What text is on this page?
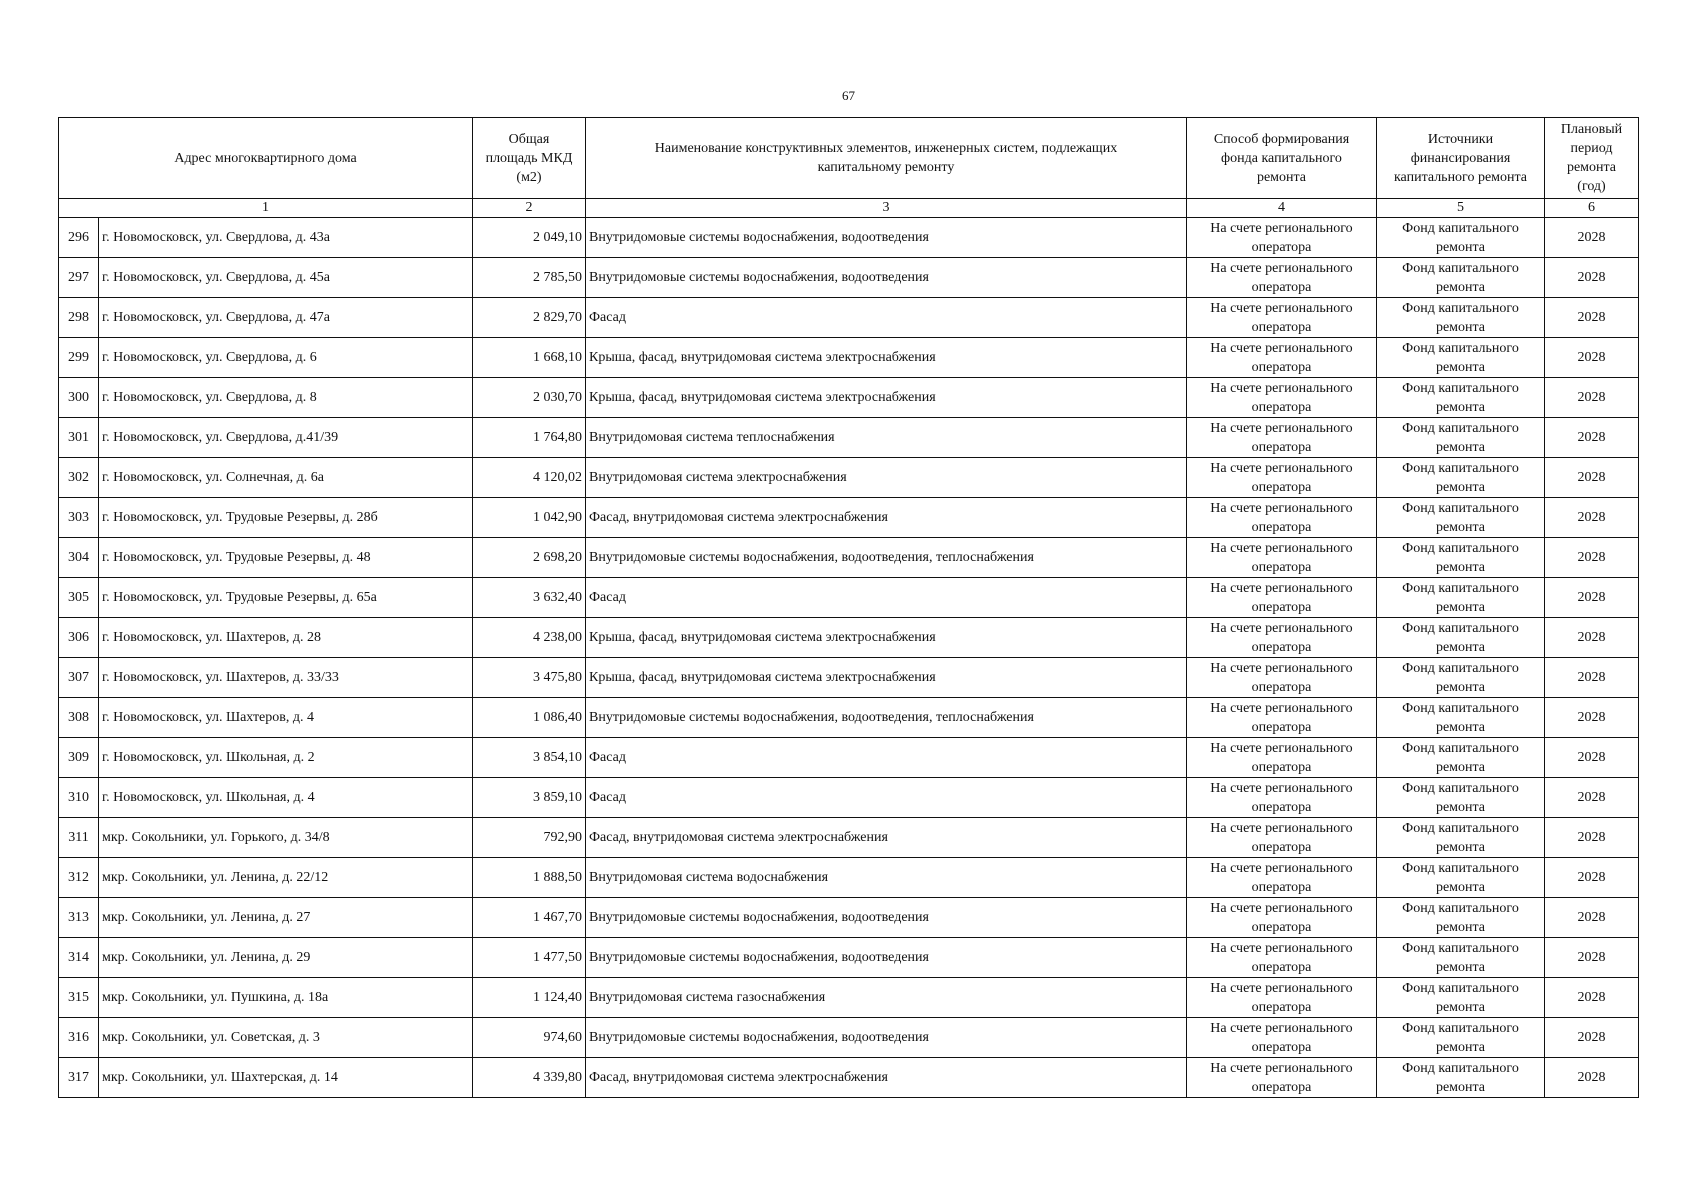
67
Адрес многоквартирного дома		Общая
площадь МКД
(м2)	Наименование конструктивных элементов, инженерных систем, подлежащих
капитальному ремонту	Способ формирования
фонда капитального
ремонта	Источники
финансирования
капитального ремонта	Плановый
период
ремонта
(год)

1		2	3	4	5	6
296	г. Новомосковск, ул. Свердлова, д. 43а	2 049,10	Внутридомовые системы водоснабжения, водоотведения	На счете регионального
оператора	Фонд капитального
ремонта	2028
297	г. Новомосковск, ул. Свердлова, д. 45а	2 785,50	Внутридомовые системы водоснабжения, водоотведения	На счете регионального
оператора	Фонд капитального
ремонта	2028
298	г. Новомосковск, ул. Свердлова, д. 47а	2 829,70	Фасад	На счете регионального
оператора	Фонд капитального
ремонта	2028
299	г. Новомосковск, ул. Свердлова, д. 6	1 668,10	Крыша, фасад, внутридомовая система электроснабжения	На счете регионального
оператора	Фонд капитального
ремонта	2028
300	г. Новомосковск, ул. Свердлова, д. 8	2 030,70	Крыша, фасад, внутридомовая система электроснабжения	На счете регионального
оператора	Фонд капитального
ремонта	2028
301	г. Новомосковск, ул. Свердлова, д.41/39	1 764,80	Внутридомовая система теплоснабжения	На счете регионального
оператора	Фонд капитального
ремонта	2028
302	г. Новомосковск, ул. Солнечная, д. 6а	4 120,02	Внутридомовая система электроснабжения	На счете регионального
оператора	Фонд капитального
ремонта	2028
303	г. Новомосковск, ул. Трудовые Резервы, д. 28б	1 042,90	Фасад, внутридомовая система электроснабжения	На счете регионального
оператора	Фонд капитального
ремонта	2028
304	г. Новомосковск, ул. Трудовые Резервы, д. 48	2 698,20	Внутридомовые системы водоснабжения, водоотведения, теплоснабжения	На счете регионального
оператора	Фонд капитального
ремонта	2028
305	г. Новомосковск, ул. Трудовые Резервы, д. 65а	3 632,40	Фасад	На счете регионального
оператора	Фонд капитального
ремонта	2028
306	г. Новомосковск, ул. Шахтеров, д. 28	4 238,00	Крыша, фасад, внутридомовая система электроснабжения	На счете регионального
оператора	Фонд капитального
ремонта	2028
307	г. Новомосковск, ул. Шахтеров, д. 33/33	3 475,80	Крыша, фасад, внутридомовая система электроснабжения	На счете регионального
оператора	Фонд капитального
ремонта	2028
308	г. Новомосковск, ул. Шахтеров, д. 4	1 086,40	Внутридомовые системы водоснабжения, водоотведения, теплоснабжения	На счете регионального
оператора	Фонд капитального
ремонта	2028
309	г. Новомосковск, ул. Школьная, д. 2	3 854,10	Фасад	На счете регионального
оператора	Фонд капитального
ремонта	2028
310	г. Новомосковск, ул. Школьная, д. 4	3 859,10	Фасад	На счете регионального
оператора	Фонд капитального
ремонта	2028
311	мкр. Сокольники, ул. Горького, д. 34/8	792,90	Фасад, внутридомовая система электроснабжения	На счете регионального
оператора	Фонд капитального
ремонта	2028
312	мкр. Сокольники, ул. Ленина, д. 22/12	1 888,50	Внутридомовая система водоснабжения	На счете регионального
оператора	Фонд капитального
ремонта	2028
313	мкр. Сокольники, ул. Ленина, д. 27	1 467,70	Внутридомовые системы водоснабжения, водоотведения	На счете регионального
оператора	Фонд капитального
ремонта	2028
314	мкр. Сокольники, ул. Ленина, д. 29	1 477,50	Внутридомовые системы водоснабжения, водоотведения	На счете регионального
оператора	Фонд капитального
ремонта	2028
315	мкр. Сокольники, ул. Пушкина, д. 18а	1 124,40	Внутридомовая система газоснабжения	На счете регионального
оператора	Фонд капитального
ремонта	2028
316	мкр. Сокольники, ул. Советская, д. 3	974,60	Внутридомовые системы водоснабжения, водоотведения	На счете регионального
оператора	Фонд капитального
ремонта	2028
317	мкр. Сокольники, ул. Шахтерская, д. 14	4 339,80	Фасад, внутридомовая система электроснабжения	На счете регионального
оператора	Фонд капитального
ремонта	2028
